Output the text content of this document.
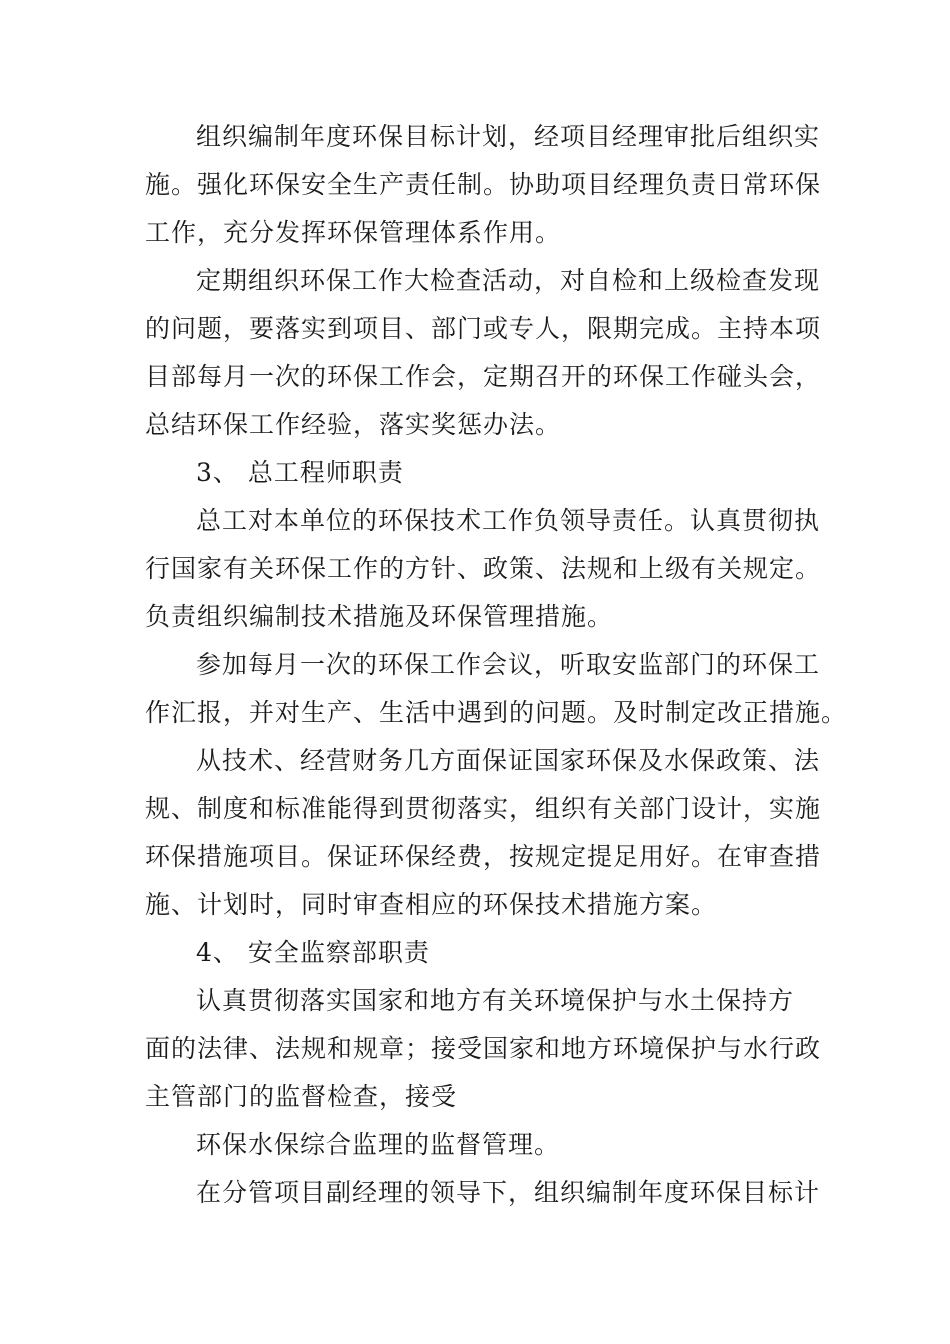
组织编制年度环保目标计划，经项目经理审批后组织实
施。强化环保安全生产责任制。协助项目经理负责日常环保
工作，充分发挥环保管理体系作用。
定期组织环保工作大检查活动，对自检和上级检查发现
的问题，要落实到项目、部门或专人，限期完成。主持本项
目部每月一次的环保工作会，定期召开的环保工作碰头会，
总结环保工作经验，落实奖惩办法。
3、 总工程师职责
总工对本单位的环保技术工作负领导责任。认真贯彻执
行国家有关环保工作的方针、政策、法规和上级有关规定。
负责组织编制技术措施及环保管理措施。
参加每月一次的环保工作会议，听取安监部门的环保工
作汇报，并对生产、生活中遇到的问题。及时制定改正措施。
从技术、经营财务几方面保证国家环保及水保政策、法
规、制度和标准能得到贯彻落实，组织有关部门设计，实施
环保措施项目。保证环保经费，按规定提足用好。在审查措
施、计划时，同时审查相应的环保技术措施方案。
4、 安全监察部职责
认真贯彻落实国家和地方有关环境保护与水土保持方
面的法律、法规和规章；接受国家和地方环境保护与水行政
主管部门的监督检查，接受
环保水保综合监理的监督管理。
在分管项目副经理的领导下，组织编制年度环保目标计
